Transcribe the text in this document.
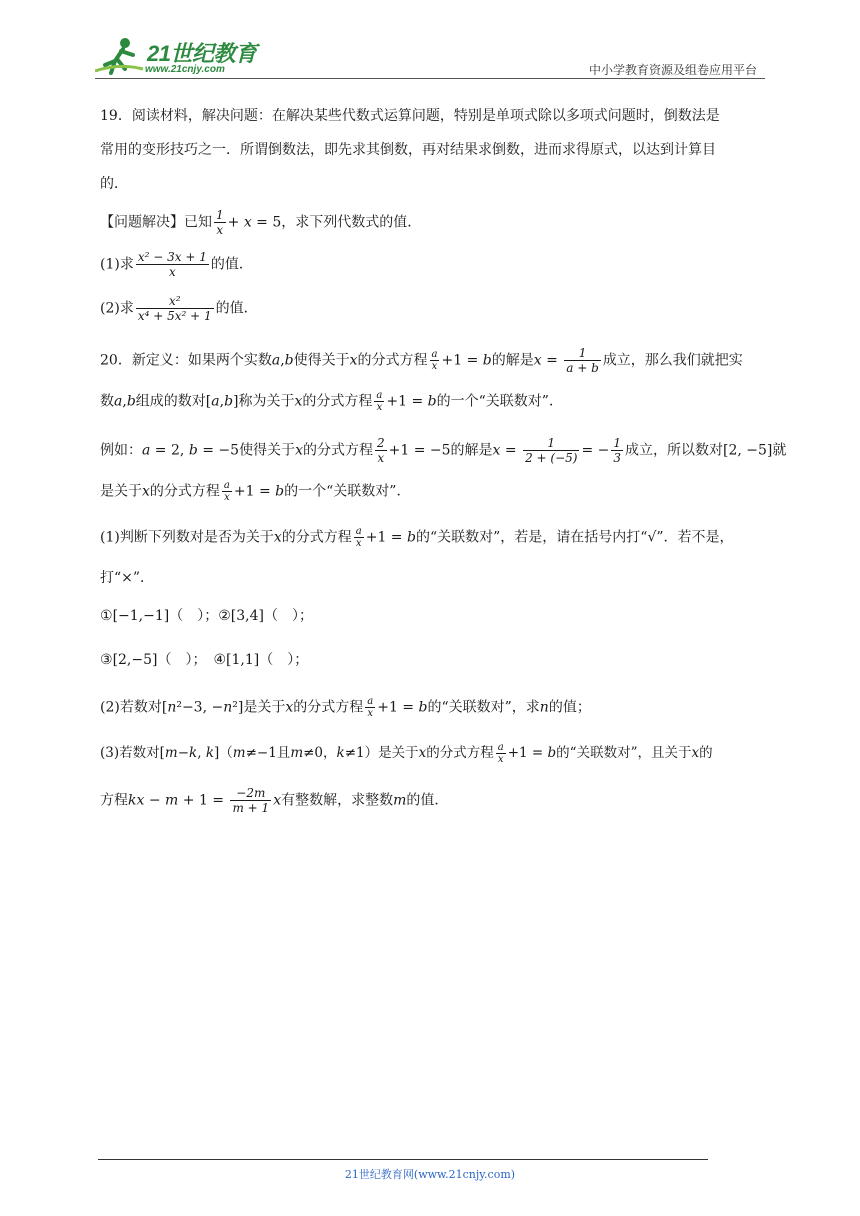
21世纪教育
www.21cnjy.com	中小学教育资源及组卷应用平台
19．阅读材料，解决问题：在解决某些代数式运算问题，特别是单项式除以多项式问题时，倒数法是
常用的变形技巧之一．所谓倒数法，即先求其倒数，再对结果求倒数，进而求得原式，以达到计算目
的．
【问题解决】已知 $\frac{1}{x} + x = 5$，求下列代数式的值．
(1)求 $\frac{\text{x² − 3x + 1}}{x}$ 的值．
(2)求 $\frac{\text{x²}}{\text{x⁴ + 5x² + 1}}$ 的值．
20．新定义：如果两个实数a,b使得关于x的分式方程 $\frac{a}{x} +1 = b$的解是$x = \frac{1}{a + b}$ 成立，那么我们就把实
数a,b组成的数对[a,b]称为关于x的分式方程 $\frac{a}{x} +1 = b$的一个“关联数对”．
例如：a = 2, b = −5使得关于x的分式方程 $\frac{2}{x} +1 = -5$的解是$x = \frac{1}{2 + (-5)}$ = − $\frac{1}{3}$ 成立，所以数对[2, −5]就
是关于x的分式方程 $\frac{a}{x} +1 = b$的一个“关联数对”．
(1)判断下列数对是否为关于x的分式方程 $\frac{a}{x} +1 = b$的“关联数对”，若是，请在括号内打“√”．若不是，
打“×”．
①[−1,−1]（　）；②[3,4]（　）；
③[2,−5]（　）；　④[1,1]（　）；
(2)若数对[n²−3, −n²]是关于x的分式方程 $\frac{a}{x} +1 = b$的“关联数对”，求n的值；
(3)若数对[m−k, k]（m≠−1且m≠0，k≠1）是关于x的分式方程 $\frac{a}{x} +1 = b$的“关联数对”，且关于x的
方程kx − $m + 1 = \frac{-2m}{m + 1}$ x有整数解，求整数m的值．
21世纪教育网(www.21cnjy.com)
